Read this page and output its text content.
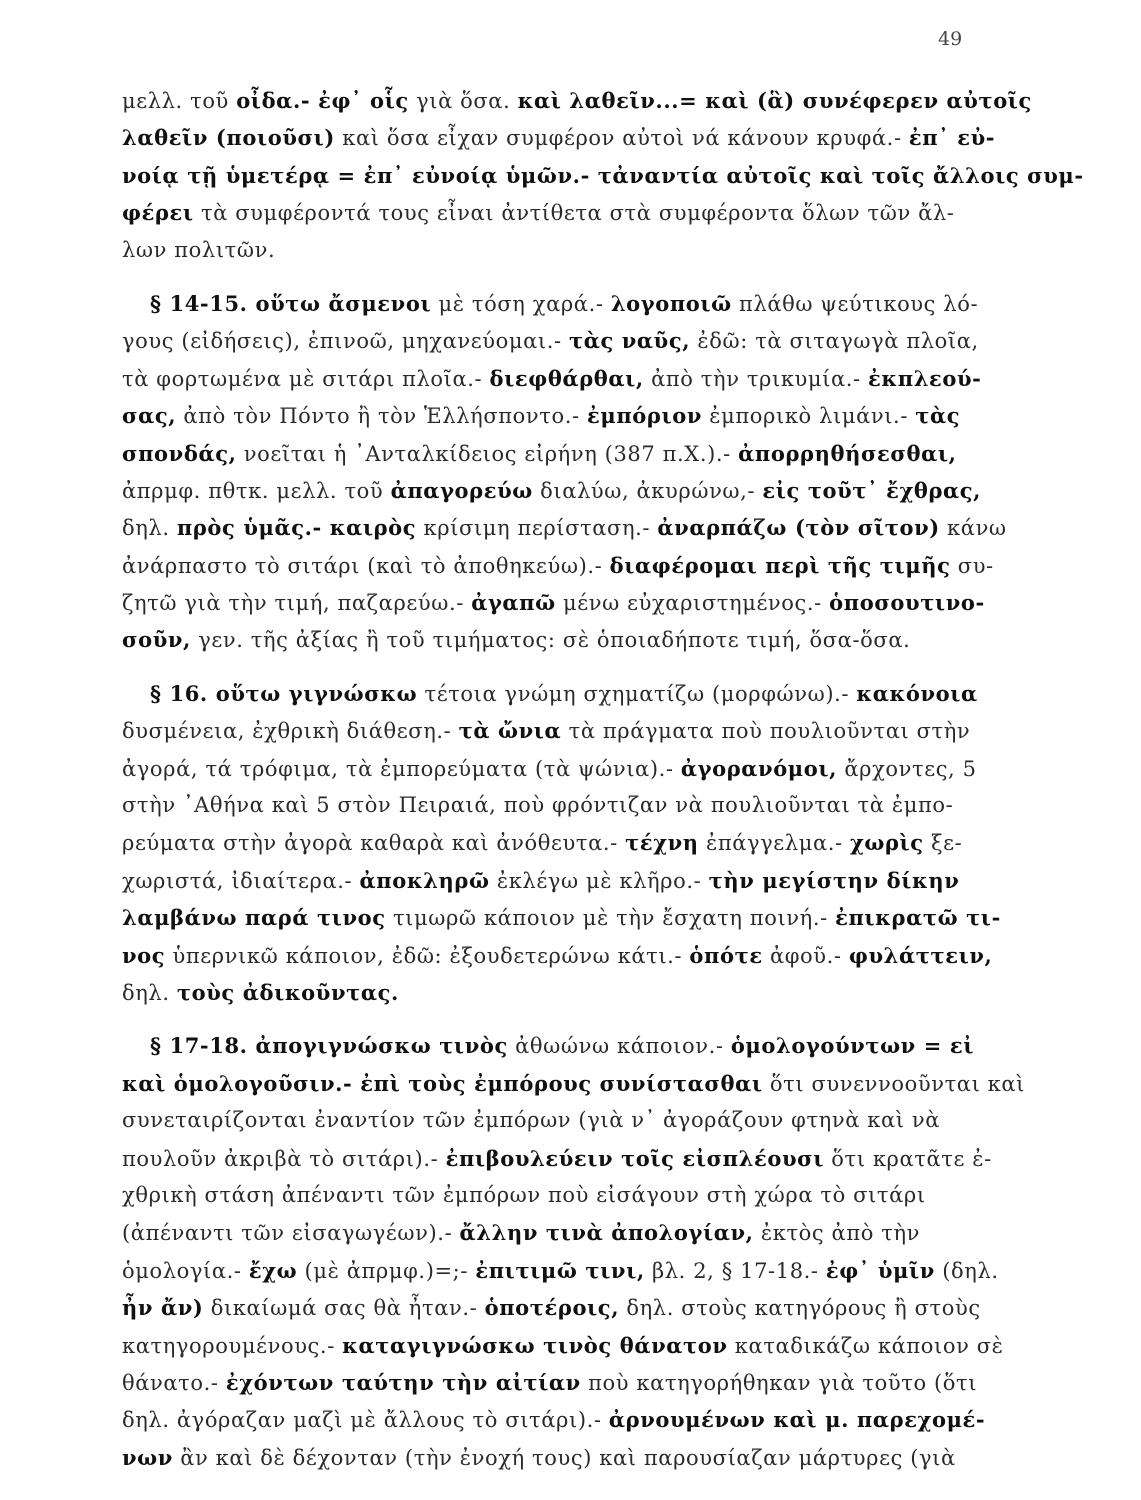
49
μελλ. τοῦ οἶδα.- ἐφ᾽ οἷς γιὰ ὅσα. καὶ λαθεῖν...= καὶ (ἃ) συνέφερεν αὐτοῖς
λαθεῖν (ποιοῦσι) καὶ ὅσα εἶχαν συμφέρον αὐτοὶ νά κάνουν κρυφά.- ἐπ᾽ εὐ-
νοίᾳ τῇ ὑμετέρᾳ = ἐπ᾽ εὐνοίᾳ ὑμῶν.- τἀναντία αὐτοῖς καὶ τοῖς ἄλλοις συμ-
φέρει τὰ συμφέροντά τους εἶναι ἀντίθετα στὰ συμφέροντα ὅλων τῶν ἄλ-
λων πολιτῶν.
§ 14-15. οὕτω ἄσμενοι μὲ τόση χαρά.- λογοποιῶ πλάθω ψεύτικους λό-
γους (εἰδήσεις), ἐπινοῶ, μηχανεύομαι.- τὰς ναῦς, ἐδῶ: τὰ σιταγωγὰ πλοῖα,
τὰ φορτωμένα μὲ σιτάρι πλοῖα.- διεφθάρθαι, ἀπὸ τὴν τρικυμία.- ἐκπλεού-
σας, ἀπὸ τὸν Πόντο ἢ τὸν Ἑλλήσποντο.- ἐμπόριον ἐμπορικὸ λιμάνι.- τὰς
σπονδάς, νοεῖται ἡ ᾿Ανταλκίδειος εἰρήνη (387 π.Χ.).- ἀπορρηθήσεσθαι,
ἀπρμφ. πθτκ. μελλ. τοῦ ἀπαγορεύω διαλύω, ἀκυρώνω,- εἰς τοῦτ᾽ ἔχθρας,
δηλ. πρὸς ὑμᾶς.- καιρὸς κρίσιμη περίσταση.- ἀναρπάζω (τὸν σῖτον) κάνω
ἀνάρπαστο τὸ σιτάρι (καὶ τὸ ἀποθηκεύω).- διαφέρομαι περὶ τῆς τιμῆς συ-
ζητῶ γιὰ τὴν τιμή, παζαρεύω.- ἀγαπῶ μένω εὐχαριστημένος.- ὁποσουτινο-
σοῦν, γεν. τῆς ἀξίας ἢ τοῦ τιμήματος: σὲ ὁποιαδήποτε τιμή, ὅσα-ὅσα.
§ 16. οὕτω γιγνώσκω τέτοια γνώμη σχηματίζω (μορφώνω).- κακόνοια
δυσμένεια, ἐχθρικὴ διάθεση.- τὰ ὤνια τὰ πράγματα ποὺ πουλιοῦνται στὴν
ἀγορά, τά τρόφιμα, τὰ ἐμπορεύματα (τὰ ψώνια).- ἀγορανόμοι, ἄρχοντες, 5
στὴν ᾿Αθήνα καὶ 5 στὸν Πειραιά, ποὺ φρόντιζαν νὰ πουλιοῦνται τὰ ἐμπο-
ρεύματα στὴν ἀγορὰ καθαρὰ καὶ ἀνόθευτα.- τέχνη ἐπάγγελμα.- χωρὶς ξε-
χωριστά, ἰδιαίτερα.- ἀποκληρῶ ἐκλέγω μὲ κλῆρο.- τὴν μεγίστην δίκην
λαμβάνω παρά τινος τιμωρῶ κάποιον μὲ τὴν ἔσχατη ποινή.- ἐπικρατῶ τι-
νος ὑπερνικῶ κάποιον, ἐδῶ: ἐξουδετερώνω κάτι.- ὁπότε ἀφοῦ.- φυλάττειν,
δηλ. τοὺς ἀδικοῦντας.
§ 17-18. ἀπογιγνώσκω τινὸς ἀθωώνω κάποιον.- ὁμολογούντων = εἰ
καὶ ὁμολογοῦσιν.- ἐπὶ τοὺς ἐμπόρους συνίστασθαι ὅτι συνεννοοῦνται καὶ
συνεταιρίζονται ἐναντίον τῶν ἐμπόρων (γιὰ ν᾽ ἀγοράζουν φτηνὰ καὶ νὰ
πουλοῦν ἀκριβὰ τὸ σιτάρι).- ἐπιβουλεύειν τοῖς εἰσπλέουσι ὅτι κρατᾶτε ἐ-
χθρικὴ στάση ἀπέναντι τῶν ἐμπόρων ποὺ εἰσάγουν στὴ χώρα τὸ σιτάρι
(ἀπέναντι τῶν εἰσαγωγέων).- ἄλλην τινὰ ἀπολογίαν, ἐκτὸς ἀπὸ τὴν
ὁμολογία.- ἔχω (μὲ ἀπρμφ.)=;- ἐπιτιμῶ τινι, βλ. 2, § 17-18.- ἐφ᾽ ὑμῖν (δηλ.
ἦν ἄν) δικαίωμά σας θὰ ἦταν.- ὁποτέροις, δηλ. στοὺς κατηγόρους ἢ στοὺς
κατηγορουμένους.- καταγιγνώσκω τινὸς θάνατον καταδικάζω κάποιον σὲ
θάνατο.- ἐχόντων ταύτην τὴν αἰτίαν ποὺ κατηγορήθηκαν γιὰ τοῦτο (ὅτι
δηλ. ἀγόραζαν μαζὶ μὲ ἄλλους τὸ σιτάρι).- ἀρνουμένων καὶ μ. παρεχομέ-
νων ἂν καὶ δὲ δέχονταν (τὴν ἐνοχή τους) καὶ παρουσίαζαν μάρτυρες (γιὰ
